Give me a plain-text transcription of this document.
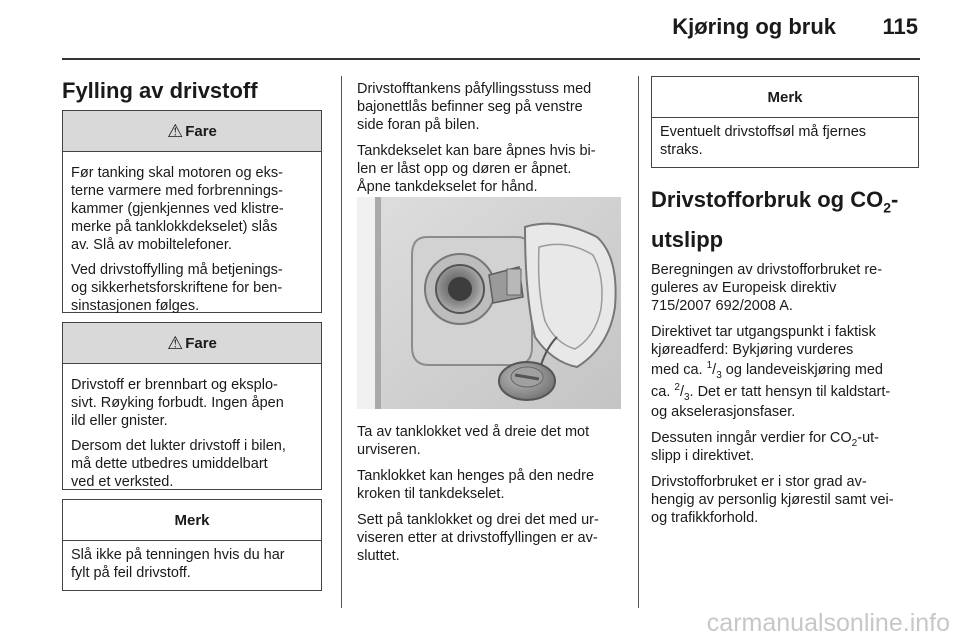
Kjøring og bruk	115
Fylling av drivstoff
⚠ Fare

Før tanking skal motoren og eks-
terne varmere med forbrennings-
kammer (gjenkjennes ved klistre-
merke på tanklokkdekselet) slås
av. Slå av mobiltelefoner.

Ved drivstoffylling må betjenings-
og sikkerhetsforskriftene for ben-
sinstasjonen følges.

⚠ Fare

Drivstoff er brennbart og eksplo-
sivt. Røyking forbudt. Ingen åpen
ild eller gnister.

Dersom det lukter drivstoff i bilen,
må dette utbedres umiddelbart
ved et verksted.

Merk

Slå ikke på tenningen hvis du har
fylt på feil drivstoff.

Drivstofftankens påfyllingsstuss med
bajonettlås befinner seg på venstre
side foran på bilen.

Tankdekselet kan bare åpnes hvis bi-
len er låst opp og døren er åpnet.
Åpne tankdekselet for hånd.

Ta av tanklokket ved å dreie det mot
urviseren.

Tanklokket kan henges på den nedre
kroken til tankdekselet.

Sett på tanklokket og drei det med ur-
viseren etter at drivstoffyllingen er av-
sluttet.

Merk

Eventuelt drivstoffsøl må fjernes
straks.

Drivstofforbruk og $CO_2-$
utslipp

Beregningen av drivstofforbruket re-
guleres av Europeisk direktiv
715/2007 692/2008 A.

Direktivet tar utgangspunkt i faktisk
kjøreadferd: Bykjøring vurderes
med ca. $^1/_3$ og landeveiskjøring med
ca. $^2/_3$. Det er tatt hensyn til kaldstart-
og akselerasjonsfaser.

Dessuten inngår verdier for $CO_2-ut-$
slipp i direktivet.

Drivstofforbruket er i stor grad av-
hengig av personlig kjørestil samt vei-
og trafikkforhold.

carmanualsonline.info
